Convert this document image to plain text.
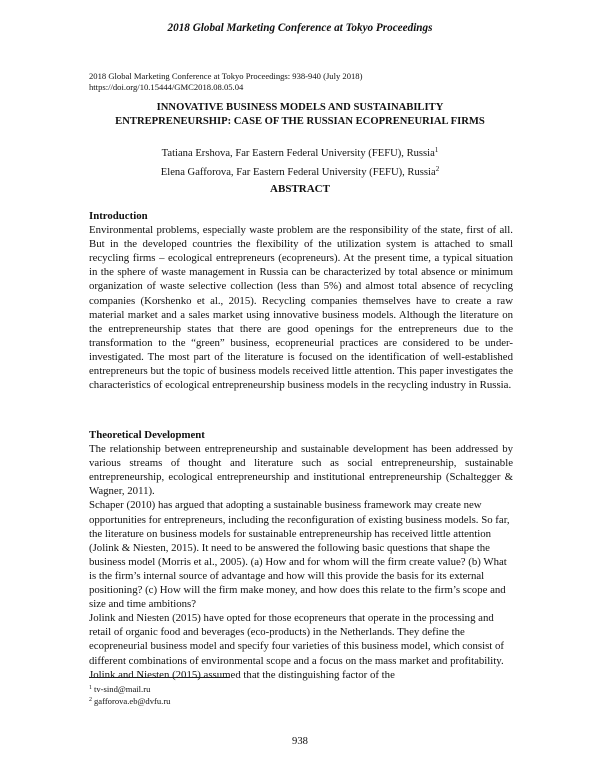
2018 Global Marketing Conference at Tokyo Proceedings
2018 Global Marketing Conference at Tokyo Proceedings: 938-940 (July 2018)
https://doi.org/10.15444/GMC2018.08.05.04
INNOVATIVE BUSINESS MODELS AND SUSTAINABILITY
ENTREPRENEURSHIP: CASE OF THE RUSSIAN ECOPRENEURIAL FIRMS
Tatiana Ershova, Far Eastern Federal University (FEFU), Russia$^1$
Elena Gafforova, Far Eastern Federal University (FEFU), Russia$^2$
ABSTRACT
Introduction

Environmental problems, especially waste problem are the responsibility of the state, first of all. But in the developed countries the flexibility of the utilization system is attached to small recycling firms – ecological entrepreneurs (ecopreneurs). At the present time, a typical situation in the sphere of waste management in Russia can be characterized by total absence or minimum organization of waste selective collection (less than 5%) and almost total absence of recycling companies (Korshenko et al., 2015). Recycling companies themselves have to create a raw material market and a sales market using innovative business models. Although the literature on the entrepreneurship states that there are good openings for the entrepreneurs due to the transformation to the “green” business, ecopreneurial practices are considered to be under-investigated. The most part of the literature is focused on the identification of well-established entrepreneurs but the topic of business models received little attention. This paper investigates the characteristics of ecological entrepreneurship business models in the recycling industry in Russia.

Theoretical Development

The relationship between entrepreneurship and sustainable development has been addressed by various streams of thought and literature such as social entrepreneurship, sustainable entrepreneurship, ecological entrepreneurship and institutional entrepreneurship (Schaltegger & Wagner, 2011).

Schaper (2010) has argued that adopting a sustainable business framework may create new opportunities for entrepreneurs, including the reconfiguration of existing business models. So far, the literature on business models for sustainable entrepreneurship has received little attention (Jolink & Niesten, 2015). It need to be answered the following basic questions that shape the business model (Morris et al., 2005). (a) How and for whom will the firm create value? (b) What is the firm’s internal source of advantage and how will this provide the basis for its external positioning? (c) How will the firm make money, and how does this relate to the firm’s scope and size and time ambitions?

Jolink and Niesten (2015) have opted for those ecopreneurs that operate in the processing and retail of organic food and beverages (eco-products) in the Netherlands. They define the ecopreneurial business model and specify four varieties of this business model, which consist of different combinations of environmental scope and a focus on the mass market and profitability. Jolink and Niesten (2015) assumed that the distinguishing factor of the

$^1$ tv-sind@mail.ru
$^2$ gafforova.eb@dvfu.ru
938
